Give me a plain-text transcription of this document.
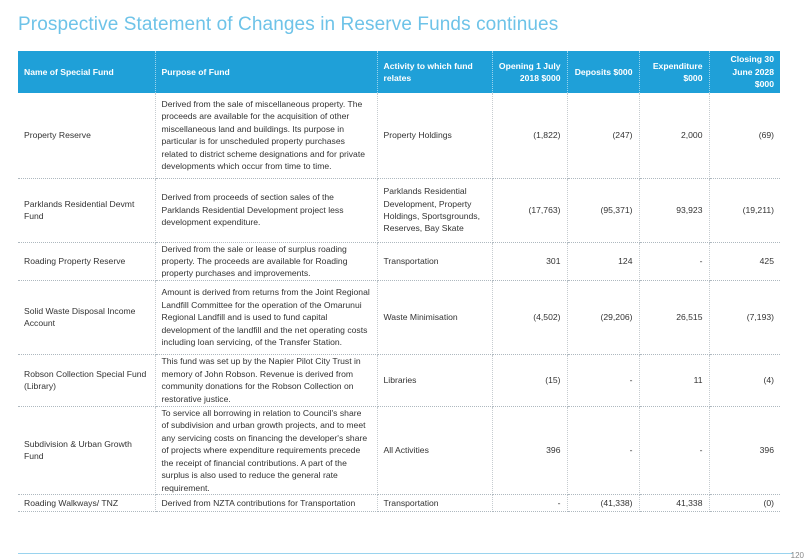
Prospective Statement of Changes in Reserve Funds continues
Name of Special Fund	Purpose of Fund	Activity to which fund relates	Opening 1 July 2018 $000	Deposits $000	Expenditure $000	Closing 30 June 2028 $000
Property Reserve	Derived from the sale of miscellaneous property. The proceeds are available for the acquisition of other miscellaneous land and buildings. Its purpose in particular is for unscheduled property purchases related to district scheme designations and for private developments which occur from time to time.	Property Holdings	(1,822)	(247)	2,000	(69)
Parklands Residential Devmt Fund	Derived from proceeds of section sales of the Parklands Residential Development project less development expenditure.	Parklands Residential Development, Property Holdings, Sportsgrounds, Reserves, Bay Skate	(17,763)	(95,371)	93,923	(19,211)
Roading Property Reserve	Derived from the sale or lease of surplus roading property. The proceeds are available for Roading property purchases and improvements.	Transportation	301	124	-	425
Solid Waste Disposal Income Account	Amount is derived from returns from the Joint Regional Landfill Committee for the operation of the Omarunui Regional Landfill and is used to fund capital development of the landfill and the net operating costs including loan servicing, of the Transfer Station.	Waste Minimisation	(4,502)	(29,206)	26,515	(7,193)
Robson Collection Special Fund (Library)	This fund was set up by the Napier Pilot City Trust in memory of John Robson. Revenue is derived from community donations for the Robson Collection on restorative justice.	Libraries	(15)	-	11	(4)
Subdivision & Urban Growth Fund	To service all borrowing in relation to Council's share of subdivision and urban growth projects, and to meet any servicing costs on financing the developer's share of projects where expenditure requirements precede the receipt of financial contributions. A part of the surplus is also used to reduce the general rate requirement.	All Activities	396	-	-	396
Roading Walkways/ TNZ	Derived from NZTA contributions for Transportation	Transportation	-	(41,338)	41,338	(0)
120
